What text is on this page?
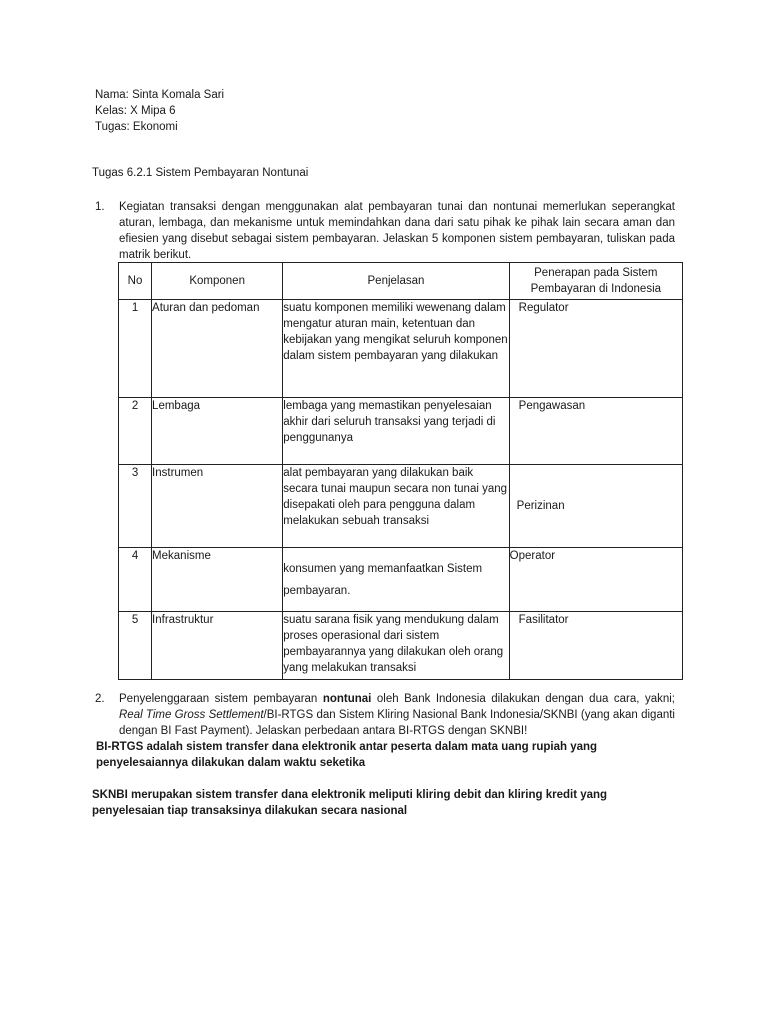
Nama: Sinta Komala Sari
Kelas: X Mipa 6
Tugas: Ekonomi
Tugas 6.2.1 Sistem Pembayaran Nontunai
1. Kegiatan transaksi dengan menggunakan alat pembayaran tunai dan nontunai memerlukan seperangkat aturan, lembaga, dan mekanisme untuk memindahkan dana dari satu pihak ke pihak lain secara aman dan efiesien yang disebut sebagai sistem pembayaran. Jelaskan 5 komponen sistem pembayaran, tuliskan pada matrik berikut.
No	Komponen	Penjelasan	Penerapan pada Sistem Pembayaran di Indonesia
1	Aturan dan pedoman	suatu komponen memiliki wewenang dalam mengatur aturan main, ketentuan dan kebijakan yang mengikat seluruh komponen dalam sistem pembayaran yang dilakukan	Regulator
2	Lembaga	lembaga yang memastikan penyelesaian akhir dari seluruh transaksi yang terjadi di penggunanya	Pengawasan
3	Instrumen	alat pembayaran yang dilakukan baik secara tunai maupun secara non tunai yang disepakati oleh para pengguna dalam melakukan sebuah transaksi	Perizinan
4	Mekanisme	konsumen yang memanfaatkan Sistem pembayaran.	Operator
5	Infrastruktur	suatu sarana fisik yang mendukung dalam proses operasional dari sistem pembayarannya yang dilakukan oleh orang yang melakukan transaksi	Fasilitator
2. Penyelenggaraan sistem pembayaran nontunai oleh Bank Indonesia dilakukan dengan dua cara, yakni; Real Time Gross Settlement/BI-RTGS dan Sistem Kliring Nasional Bank Indonesia/SKNBI (yang akan diganti dengan BI Fast Payment). Jelaskan perbedaan antara BI-RTGS dengan SKNBI!
BI-RTGS adalah sistem transfer dana elektronik antar peserta dalam mata uang rupiah yang penyelesaiannya dilakukan dalam waktu seketika
SKNBI merupakan sistem transfer dana elektronik meliputi kliring debit dan kliring kredit yang penyelesaian tiap transaksinya dilakukan secara nasional
